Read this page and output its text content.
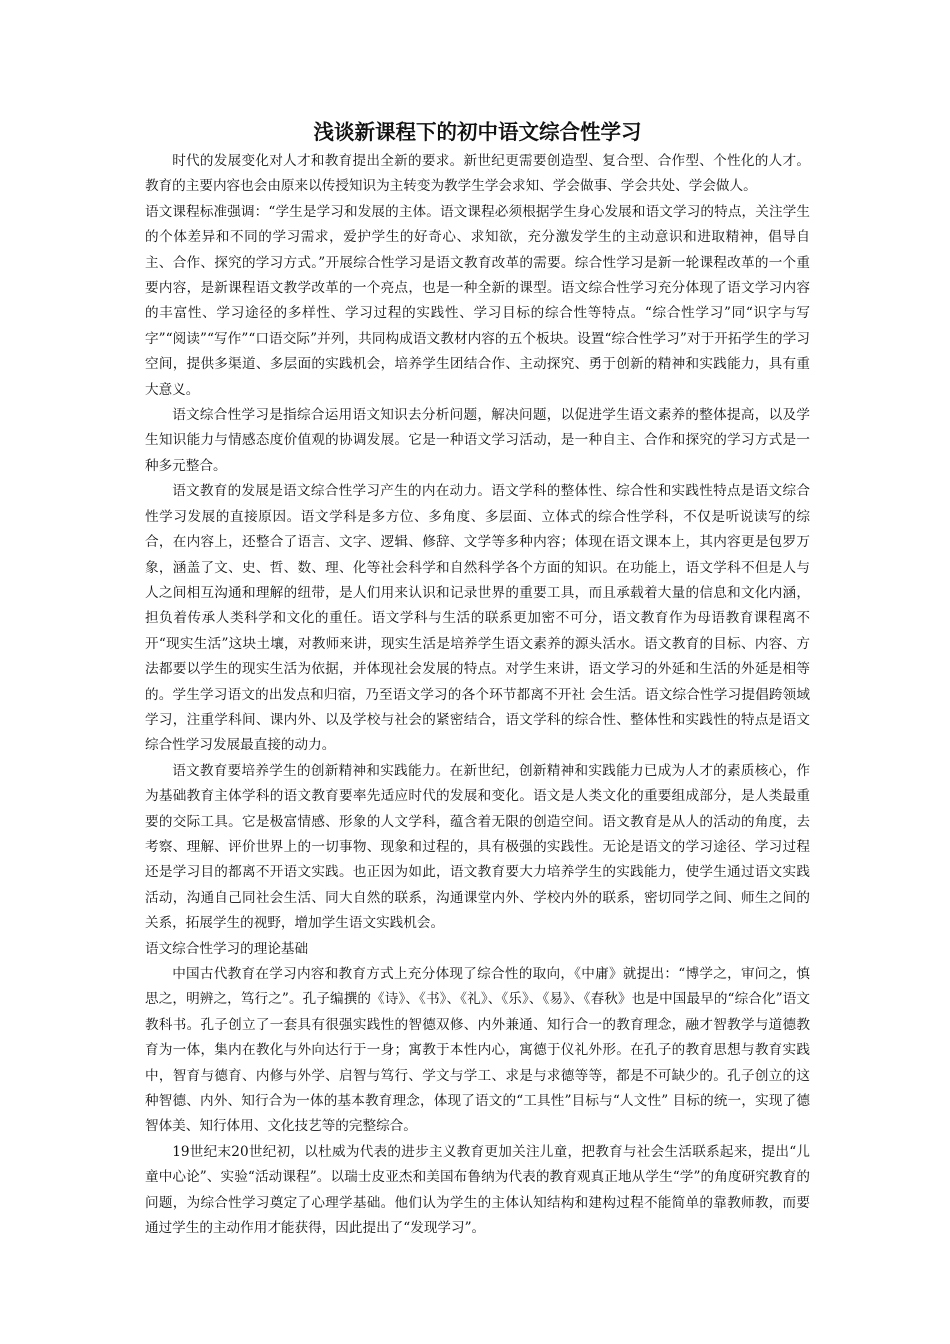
浅谈新课程下的初中语文综合性学习

时代的发展变化对人才和教育提出全新的要求。新世纪更需要创造型、复合型、合作型、个性化的人才。教育的主要内容也会由原来以传授知识为主转变为教学生学会求知、学会做事、学会共处、学会做人。

语文课程标准强调：“学生是学习和发展的主体。语文课程必须根据学生身心发展和语文学习的特点，关注学生的个体差异和不同的学习需求，爱护学生的好奇心、求知欲，充分激发学生的主动意识和进取精神，倡导自主、合作、探究的学习方式。”开展综合性学习是语文教育改革的需要。综合性学习是新一轮课程改革的一个重要内容，是新课程语文教学改革的一个亮点，也是一种全新的课型。语文综合性学习充分体现了语文学习内容的丰富性、学习途径的多样性、学习过程的实践性、学习目标的综合性等特点。“综合性学习”同“识字与写字”“阅读”“写作”“口语交际”并列，共同构成语文教材内容的五个板块。设置“综合性学习”对于开拓学生的学习空间，提供多渠道、多层面的实践机会，培养学生团结合作、主动探究、勇于创新的精神和实践能力，具有重大意义。

语文综合性学习是指综合运用语文知识去分析问题，解决问题，以促进学生语文素养的整体提高，以及学生知识能力与情感态度价值观的协调发展。它是一种语文学习活动，是一种自主、合作和探究的学习方式是一种多元整合。

语文教育的发展是语文综合性学习产生的内在动力。语文学科的整体性、综合性和实践性特点是语文综合性学习发展的直接原因。语文学科是多方位、多角度、多层面、立体式的综合性学科，不仅是听说读写的综合，在内容上，还整合了语言、文字、逻辑、修辞、文学等多种内容；体现在语文课本上，其内容更是包罗万象，涵盖了文、史、哲、数、理、化等社会科学和自然科学各个方面的知识。在功能上，语文学科不但是人与人之间相互沟通和理解的纽带，是人们用来认识和记录世界的重要工具，而且承载着大量的信息和文化内涵，担负着传承人类科学和文化的重任。语文学科与生活的联系更加密不可分，语文教育作为母语教育课程离不开“现实生活”这块土壤，对教师来讲，现实生活是培养学生语文素养的源头活水。语文教育的目标、内容、方法都要以学生的现实生活为依据，并体现社会发展的特点。对学生来讲，语文学习的外延和生活的外延是相等的。学生学习语文的出发点和归宿，乃至语文学习的各个环节都离不开社 会生活。语文综合性学习提倡跨领域学习，注重学科间、课内外、以及学校与社会的紧密结合，语文学科的综合性、整体性和实践性的特点是语文综合性学习发展最直接的动力。

语文教育要培养学生的创新精神和实践能力。在新世纪，创新精神和实践能力已成为人才的素质核心，作为基础教育主体学科的语文教育要率先适应时代的发展和变化。语文是人类文化的重要组成部分，是人类最重要的交际工具。它是极富情感、形象的人文学科，蕴含着无限的创造空间。语文教育是从人的活动的角度，去考察、理解、评价世界上的一切事物、现象和过程的，具有极强的实践性。无论是语文的学习途径、学习过程还是学习目的都离不开语文实践。也正因为如此，语文教育要大力培养学生的实践能力，使学生通过语文实践活动，沟通自己同社会生活、同大自然的联系，沟通课堂内外、学校内外的联系，密切同学之间、师生之间的关系，拓展学生的视野，增加学生语文实践机会。

语文综合性学习的理论基础

中国古代教育在学习内容和教育方式上充分体现了综合性的取向，《中庸》就提出：“博学之，审问之，慎思之，明辨之，笃行之”。孔子编撰的《诗》、《书》、《礼》、《乐》、《易》、《春秋》也是中国最早的“综合化”语文教科书。孔子创立了一套具有很强实践性的智德双修、内外兼通、知行合一的教育理念，融才智教学与道德教育为一体，集内在教化与外向达行于一身；寓教于本性内心，寓德于仪礼外形。在孔子的教育思想与教育实践中，智育与德育、内修与外学、启智与笃行、学文与学工、求是与求德等等，都是不可缺少的。孔子创立的这种智德、内外、知行合为一体的基本教育理念，体现了语文的“工具性”目标与“人文性” 目标的统一，实现了德智体美、知行体用、文化技艺等的完整综合。

19世纪末20世纪初，以杜威为代表的进步主义教育更加关注儿童，把教育与社会生活联系起来，提出“儿童中心论”、实验“活动课程”。以瑞士皮亚杰和美国布鲁纳为代表的教育观真正地从学生“学”的角度研究教育的问题，为综合性学习奠定了心理学基础。他们认为学生的主体认知结构和建构过程不能简单的靠教师教，而要通过学生的主动作用才能获得，因此提出了“发现学习”。
